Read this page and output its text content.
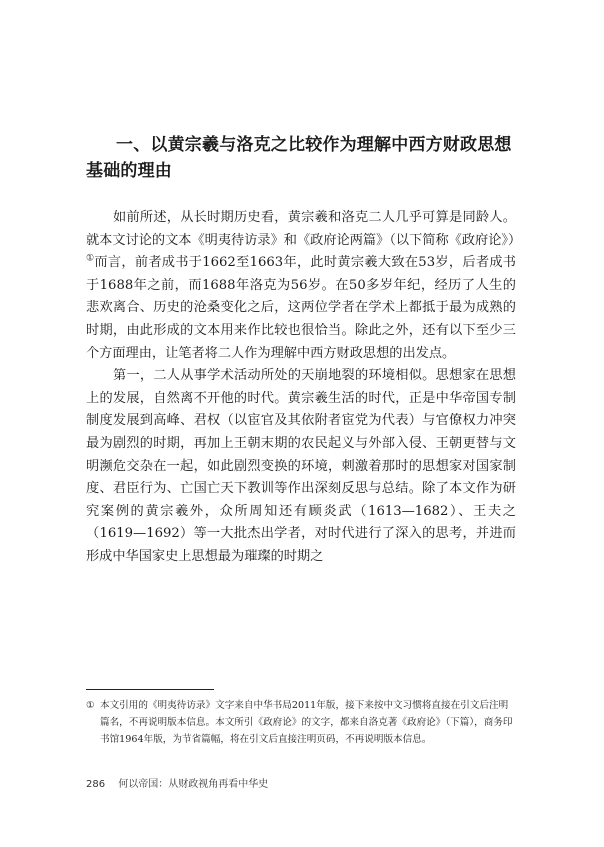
一、以黄宗羲与洛克之比较作为理解中西方财政思想基础的理由

如前所述，从长时期历史看，黄宗羲和洛克二人几乎可算是同龄人。就本文讨论的文本《明夷待访录》和《政府论两篇》（以下简称《政府论》）①而言，前者成书于1662至1663年，此时黄宗羲大致在53岁，后者成书于1688年之前，而1688年洛克为56岁。在50多岁年纪，经历了人生的悲欢离合、历史的沧桑变化之后，这两位学者在学术上都抵于最为成熟的时期，由此形成的文本用来作比较也很恰当。除此之外，还有以下至少三个方面理由，让笔者将二人作为理解中西方财政思想的出发点。

第一，二人从事学术活动所处的天崩地裂的环境相似。思想家在思想上的发展，自然离不开他的时代。黄宗羲生活的时代，正是中华帝国专制制度发展到高峰、君权（以宦官及其依附者宦党为代表）与官僚权力冲突最为剧烈的时期，再加上王朝末期的农民起义与外部入侵、王朝更替与文明濒危交杂在一起，如此剧烈变换的环境，刺激着那时的思想家对国家制度、君臣行为、亡国亡天下教训等作出深刻反思与总结。除了本文作为研究案例的黄宗羲外，众所周知还有顾炎武（1613—1682）、王夫之（1619—1692）等一大批杰出学者，对时代进行了深入的思考，并进而形成中华国家史上思想最为璀璨的时期之

① 本文引用的《明夷待访录》文字来自中华书局2011年版，接下来按中文习惯将直接在引文后注明篇名，不再说明版本信息。本文所引《政府论》的文字，都来自洛克著《政府论》（下篇），商务印书馆1964年版，为节省篇幅，将在引文后直接注明页码，不再说明版本信息。
286 何以帝国：从财政视角再看中华史
